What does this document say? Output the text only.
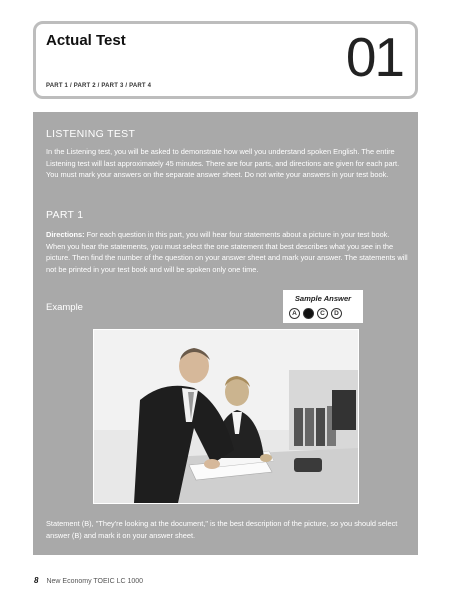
Actual Test
PART 1 / PART 2 / PART 3 / PART 4	01
LISTENING TEST
In the Listening test, you will be asked to demonstrate how well you understand spoken English. The entire Listening test will last approximately 45 minutes. There are four parts, and directions are given for each part. You must mark your answers on the separate answer sheet. Do not write your answers in your test book.
PART 1
Directions: For each question in this part, you will hear four statements about a picture in your test book. When you hear the statements, you must select the one statement that best describes what you see in the picture. Then find the number of the question on your answer sheet and mark your answer. The statements will not be printed in your test book and will be spoken only one time.
Example
Sample Answer
A	B	C	D
Statement (B), "They're looking at the document," is the best description of the picture, so you should select answer (B) and mark it on your answer sheet.
8 New Economy TOEIC LC 1000
